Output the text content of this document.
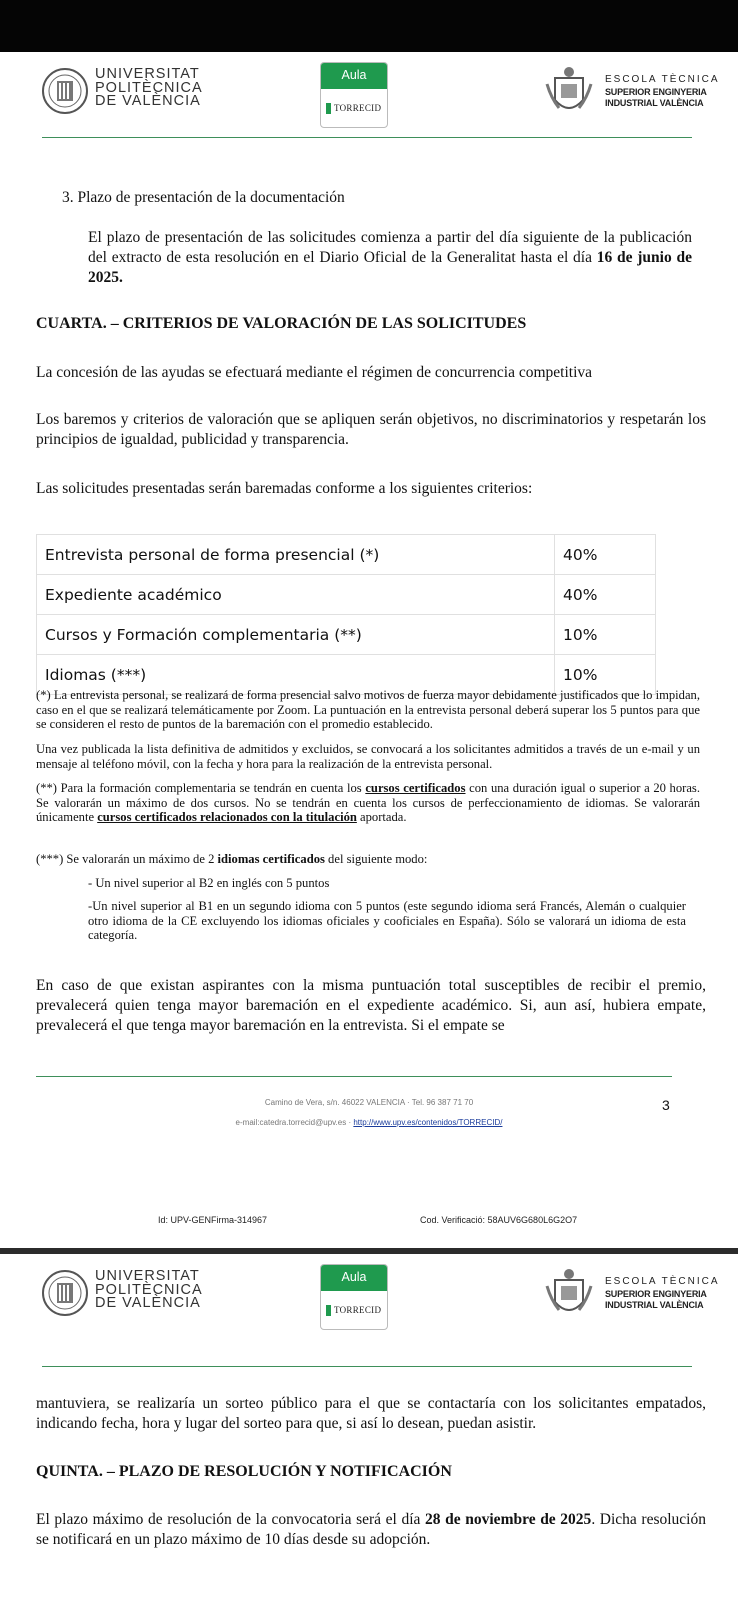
UNIVERSITAT
POLITÈCNICA
DE VALÈNCIA
Aula
TORRECID
ESCOLA TÈCNICA
SUPERIOR ENGINYERIA
INDUSTRIAL VALÈNCIA
3. Plazo de presentación de la documentación
El plazo de presentación de las solicitudes comienza a partir del día siguiente de la publicación del extracto de esta resolución en el Diario Oficial de la Generalitat hasta el día 16 de junio de 2025.
CUARTA. – CRITERIOS DE VALORACIÓN DE LAS SOLICITUDES
La concesión de las ayudas se efectuará mediante el régimen de concurrencia competitiva
Los baremos y criterios de valoración que se apliquen serán objetivos, no discriminatorios y respetarán los principios de igualdad, publicidad y transparencia.
Las solicitudes presentadas serán baremadas conforme a los siguientes criterios:
Entrevista personal de forma presencial (*)	40%
Expediente académico	40%
Cursos y Formación complementaria (**)	10%
Idiomas (***)	10%
(*) La entrevista personal, se realizará de forma presencial salvo motivos de fuerza mayor debidamente justificados que lo impidan, caso en el que se realizará telemáticamente por Zoom. La puntuación en la entrevista personal deberá superar los 5 puntos para que se consideren el resto de puntos de la baremación con el promedio establecido.
Una vez publicada la lista definitiva de admitidos y excluidos, se convocará a los solicitantes admitidos a través de un e-mail y un mensaje al teléfono móvil, con la fecha y hora para la realización de la entrevista personal.
(**) Para la formación complementaria se tendrán en cuenta los cursos certificados con una duración igual o superior a 20 horas. Se valorarán un máximo de dos cursos. No se tendrán en cuenta los cursos de perfeccionamiento de idiomas. Se valorarán únicamente cursos certificados relacionados con la titulación aportada.
(***) Se valorarán un máximo de 2 idiomas certificados del siguiente modo:
- Un nivel superior al B2 en inglés con 5 puntos
-Un nivel superior al B1 en un segundo idioma con 5 puntos (este segundo idioma será Francés, Alemán o cualquier otro idioma de la CE excluyendo los idiomas oficiales y cooficiales en España). Sólo se valorará un idioma de esta categoría.
En caso de que existan aspirantes con la misma puntuación total susceptibles de recibir el premio, prevalecerá quien tenga mayor baremación en el expediente académico. Si, aun así, hubiera empate, prevalecerá el que tenga mayor baremación en la entrevista. Si el empate se
Camino de Vera, s/n. 46022 VALENCIA · Tel. 96 387 71 70
e-mail:catedra.torrecid@upv.es · http://www.upv.es/contenidos/TORRECID/
3
Id: UPV-GENFirma-314967	Cod. Verificació: 58AUV6G680L6G2O7
UNIVERSITAT
POLITÈCNICA
DE VALÈNCIA
Aula
TORRECID
ESCOLA TÈCNICA
SUPERIOR ENGINYERIA
INDUSTRIAL VALÈNCIA
mantuviera, se realizaría un sorteo público para el que se contactaría con los solicitantes empatados, indicando fecha, hora y lugar del sorteo para que, si así lo desean, puedan asistir.
QUINTA. – PLAZO DE RESOLUCIÓN Y NOTIFICACIÓN
El plazo máximo de resolución de la convocatoria será el día 28 de noviembre de 2025. Dicha resolución se notificará en un plazo máximo de 10 días desde su adopción.
